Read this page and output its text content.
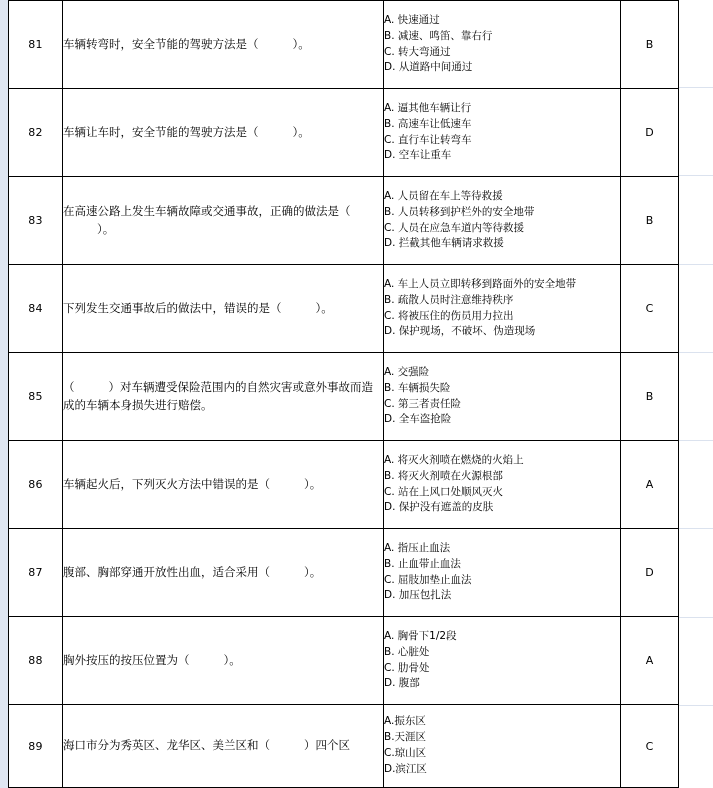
81	车辆转弯时，安全节能的驾驶方法是（ ）。	A. 快速通过
B. 减速、鸣笛、靠右行
C. 转大弯通过
D. 从道路中间通过	B
82	车辆让车时，安全节能的驾驶方法是（ ）。	A. 逼其他车辆让行
B. 高速车让低速车
C. 直行车让转弯车
D. 空车让重车	D
83	在高速公路上发生车辆故障或交通事故，正确的做法是（）。	A. 人员留在车上等待救援
B. 人员转移到护栏外的安全地带
C. 人员在应急车道内等待救援
D. 拦截其他车辆请求救援	B
84	下列发生交通事故后的做法中，错误的是（ ）。	A. 车上人员立即转移到路面外的安全地带
B. 疏散人员时注意维持秩序
C. 将被压住的伤员用力拉出
D. 保护现场，不破坏、伪造现场	C
85	（ ）对车辆遭受保险范围内的自然灾害或意外事故而造成的车辆本身损失进行赔偿。	A. 交强险
B. 车辆损失险
C. 第三者责任险
D. 全车盗抢险	B
86	车辆起火后，下列灭火方法中错误的是（ ）。	A. 将灭火剂喷在燃烧的火焰上
B. 将灭火剂喷在火源根部
C. 站在上风口处顺风灭火
D. 保护没有遮盖的皮肤	A
87	腹部、胸部穿通开放性出血，适合采用（ ）。	A. 指压止血法
B. 止血带止血法
C. 屈肢加垫止血法
D. 加压包扎法	D
88	胸外按压的按压位置为（ ）。	A. 胸骨下1/2段
B. 心脏处
C. 肋骨处
D. 腹部	A
89	海口市分为秀英区、龙华区、美兰区和（ ）四个区	A.振东区
B.天涯区
C.琼山区
D.滨江区	C
